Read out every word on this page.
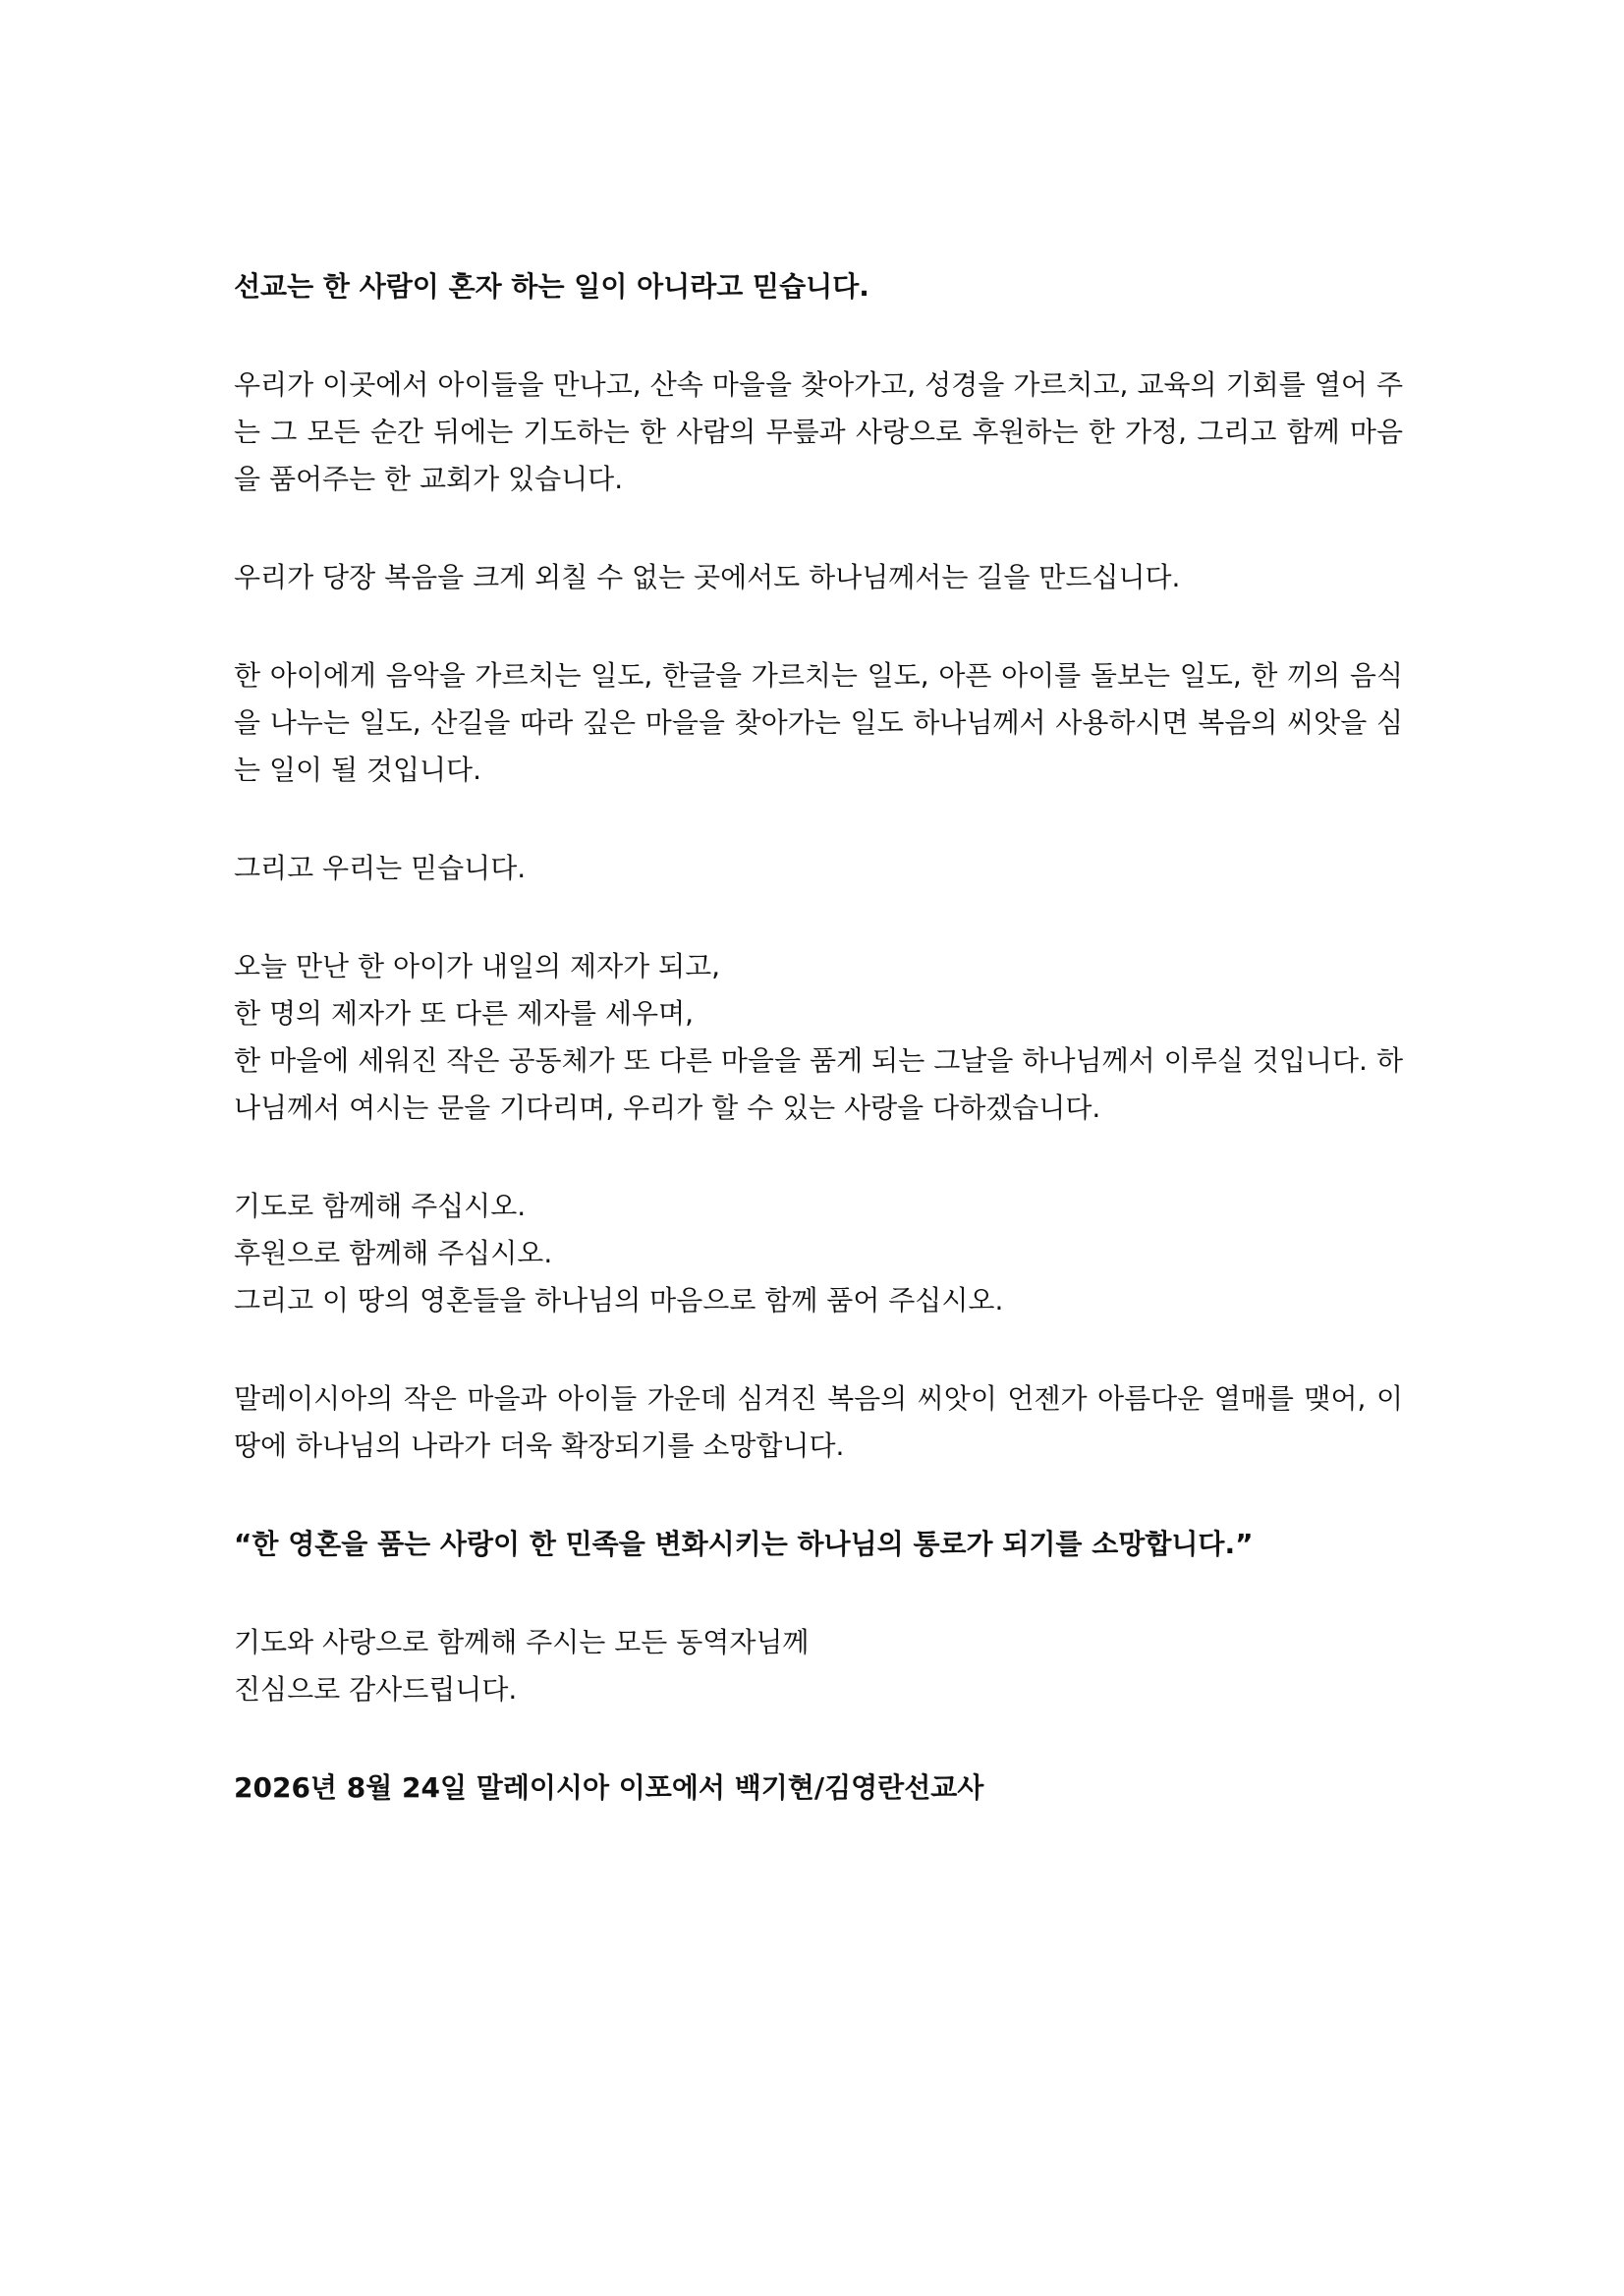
선교는 한 사람이 혼자 하는 일이 아니라고 믿습니다.

우리가 이곳에서 아이들을 만나고, 산속 마을을 찾아가고, 성경을 가르치고, 교육의 기회를 열어 주는 그 모든 순간 뒤에는 기도하는 한 사람의 무릎과 사랑으로 후원하는 한 가정, 그리고 함께 마음을 품어주는 한 교회가 있습니다.

우리가 당장 복음을 크게 외칠 수 없는 곳에서도 하나님께서는 길을 만드십니다.

한 아이에게 음악을 가르치는 일도, 한글을 가르치는 일도, 아픈 아이를 돌보는 일도, 한 끼의 음식을 나누는 일도, 산길을 따라 깊은 마을을 찾아가는 일도 하나님께서 사용하시면 복음의 씨앗을 심는 일이 될 것입니다.

그리고 우리는 믿습니다.

오늘 만난 한 아이가 내일의 제자가 되고,
한 명의 제자가 또 다른 제자를 세우며,
한 마을에 세워진 작은 공동체가 또 다른 마을을 품게 되는 그날을 하나님께서 이루실 것입니다. 하나님께서 여시는 문을 기다리며, 우리가 할 수 있는 사랑을 다하겠습니다.

기도로 함께해 주십시오.
후원으로 함께해 주십시오.
그리고 이 땅의 영혼들을 하나님의 마음으로 함께 품어 주십시오.

말레이시아의 작은 마을과 아이들 가운데 심겨진 복음의 씨앗이 언젠가 아름다운 열매를 맺어, 이 땅에 하나님의 나라가 더욱 확장되기를 소망합니다.

“한 영혼을 품는 사랑이 한 민족을 변화시키는 하나님의 통로가 되기를 소망합니다.”

기도와 사랑으로 함께해 주시는 모든 동역자님께
진심으로 감사드립니다.

2026년 8월 24일 말레이시아 이포에서 백기현/김영란선교사
